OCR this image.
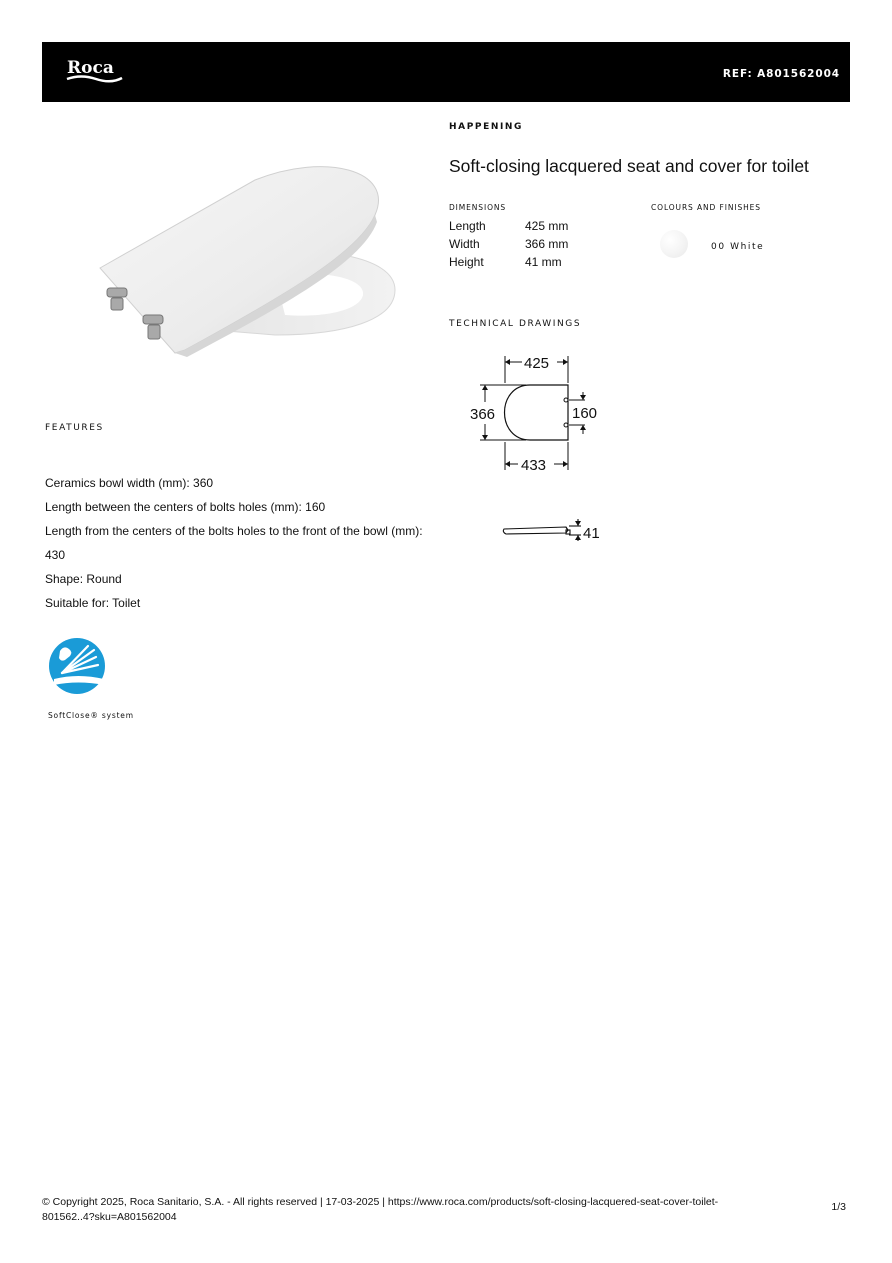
Roca	REF: A801562004
HAPPENING
Soft-closing lacquered seat and cover for toilet
DIMENSIONS	COLOURS AND FINISHES
Length	425 mm
Width	366 mm
Height	41 mm
00 White
TECHNICAL DRAWINGS
425
366	160
433
41
FEATURES
Ceramics bowl width (mm): 360
Length between the centers of bolts holes (mm): 160
Length from the centers of the bolts holes to the front of the bowl (mm):
430
Shape: Round
Suitable for: Toilet
SoftClose® system
© Copyright 2025, Roca Sanitario, S.A. - All rights reserved | 17-03-2025 | https://www.roca.com/products/soft-closing-lacquered-seat-cover-toilet-
801562..4?sku=A801562004
1/3
